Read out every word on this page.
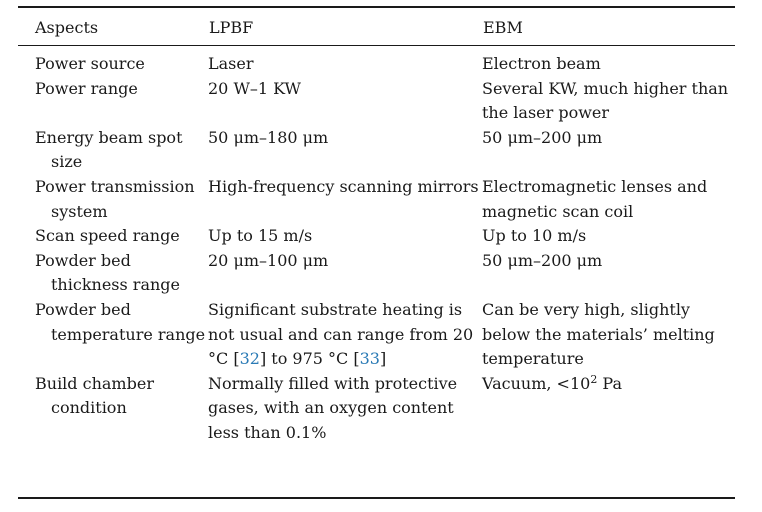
Aspects	LPBF	EBM
Power source	Laser	Electron beam

Power range	20 W–1 KW	Several KW, much higher than the laser power

Energy beam spot size	50 μm–180 μm	50 μm–200 μm

Power transmission system	High-frequency scanning mirrors	Electromagnetic lenses and magnetic scan coil

Scan speed range	Up to 15 m/s	Up to 10 m/s

Powder bed thickness range	20 μm–100 μm	50 μm–200 μm

Powder bed temperature range	Significant substrate heating is not usual and can range from 20 °C [32] to 975 °C [33]	Can be very high, slightly below the materials’ melting temperature

Build chamber condition	Normally filled with protective gases, with an oxygen content less than 0.1%	Vacuum, $<10^2$ Pa
